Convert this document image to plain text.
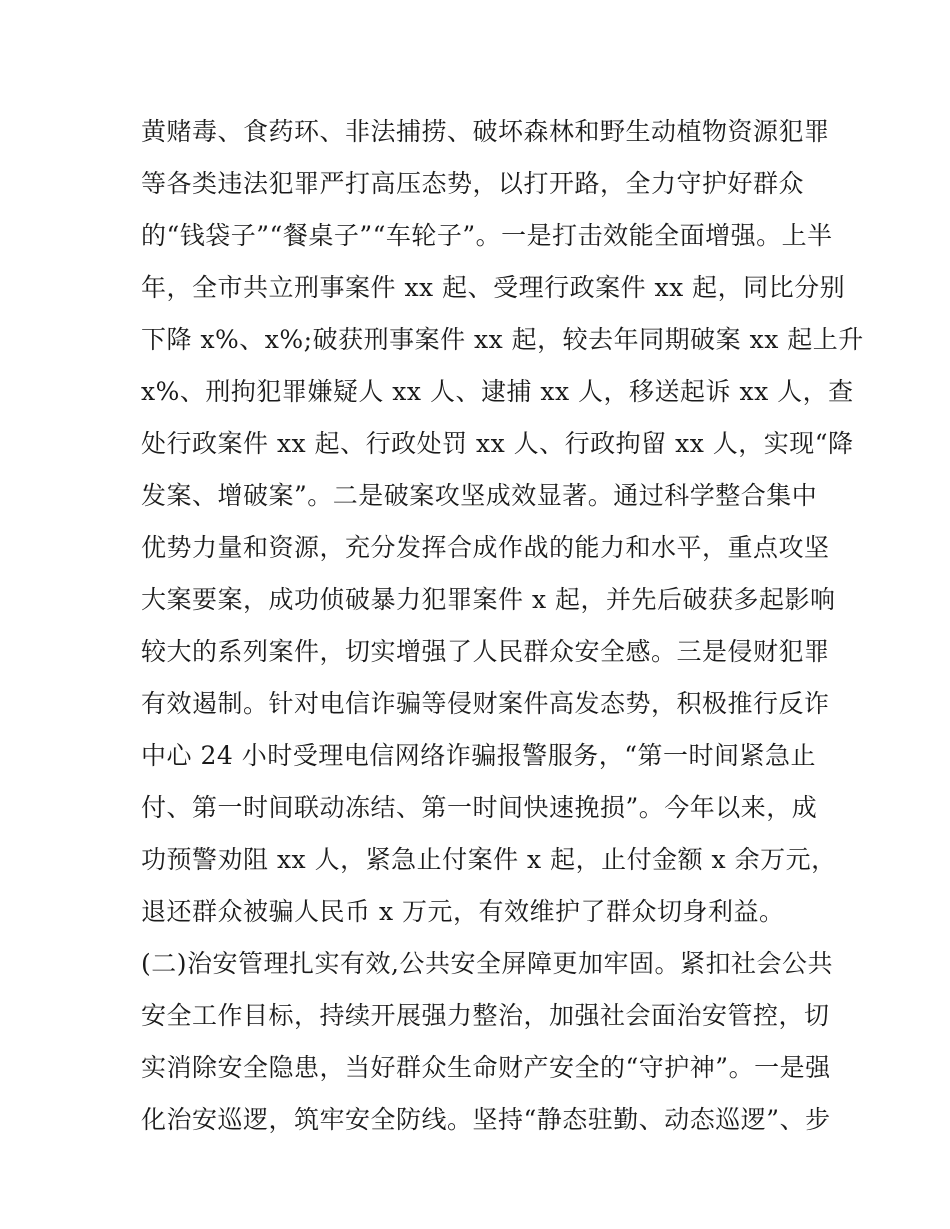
黄赌毒、食药环、非法捕捞、破坏森林和野生动植物资源犯罪
等各类违法犯罪严打高压态势，以打开路，全力守护好群众
的“钱袋子”“餐桌子”“车轮子”。一是打击效能全面增强。上半
年，全市共立刑事案件 xx 起、受理行政案件 xx 起，同比分别
下降 x%、x%;破获刑事案件 xx 起，较去年同期破案 xx 起上升
x%、刑拘犯罪嫌疑人 xx 人、逮捕 xx 人，移送起诉 xx 人，查
处行政案件 xx 起、行政处罚 xx 人、行政拘留 xx 人，实现“降
发案、增破案”。二是破案攻坚成效显著。通过科学整合集中
优势力量和资源，充分发挥合成作战的能力和水平，重点攻坚
大案要案，成功侦破暴力犯罪案件 x 起，并先后破获多起影响
较大的系列案件，切实增强了人民群众安全感。三是侵财犯罪
有效遏制。针对电信诈骗等侵财案件高发态势，积极推行反诈
中心 24 小时受理电信网络诈骗报警服务，“第一时间紧急止
付、第一时间联动冻结、第一时间快速挽损”。今年以来，成
功预警劝阻 xx 人，紧急止付案件 x 起，止付金额 x 余万元，
退还群众被骗人民币 x 万元，有效维护了群众切身利益。
(二)治安管理扎实有效,公共安全屏障更加牢固。紧扣社会公共
安全工作目标，持续开展强力整治，加强社会面治安管控，切
实消除安全隐患，当好群众生命财产安全的“守护神”。一是强
化治安巡逻，筑牢安全防线。坚持“静态驻勤、动态巡逻”、步
